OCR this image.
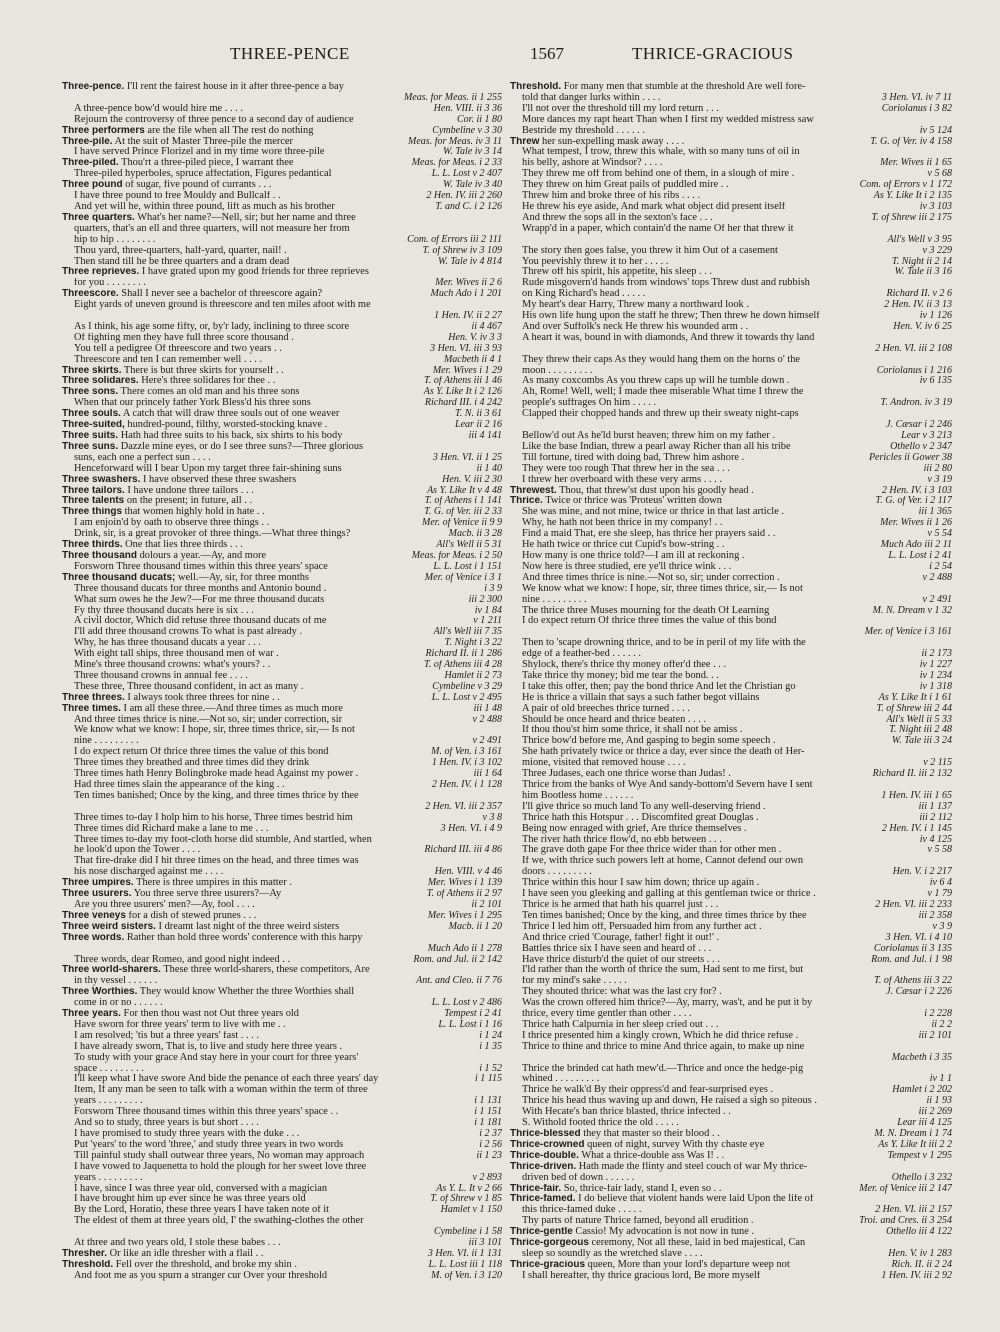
THREE-PENCE	1567	THRICE-GRACIOUS
Three-pence. I'll rent the fairest house in it after three-pence a bay
Meas. for Meas. ii 1 255
Hen. VIII. ii 3 36
A three-pence bow'd would hire me . . . .
Cor. ii 1 80
Rejourn the controversy of three pence to a second day of audience
Cymbeline v 3 30
Three performers are the file when all The rest do nothing
Meas. for Meas. iv 3 11
Three-pile. At the suit of Master Three-pile the mercer
W. Tale iv 3 14
I have served Prince Florizel and in my time wore three-pile
Meas. for Meas. i 2 33
Three-piled. Thou'rt a three-piled piece, I warrant thee
L. L. Lost v 2 407
Three-piled hyperboles, spruce affectation, Figures pedantical
W. Tale iv 3 40
Three pound of sugar, five pound of currants . . .
2 Hen. IV. iii 2 260
I have three pound to free Mouldy and Bullcalf . .
T. and C. i 2 126
And yet will he, within three pound, lift as much as his brother
Three quarters. What's her name?—Nell, sir; but her name and three
quarters, that's an ell and three quarters, will not measure her from
Com. of Errors iii 2 111
hip to hip . . . . . . . .
T. of Shrew iv 3 109
Thou yard, three-quarters, half-yard, quarter, nail! .
W. Tale iv 4 814
Then stand till he be three quarters and a dram dead
Three reprieves. I have grated upon my good friends for three reprieves
Mer. Wives ii 2 6
for you . . . . . . . .
Much Ado i 1 201
Threescore. Shall I never see a bachelor of threescore again?
Eight yards of uneven ground is threescore and ten miles afoot with me
1 Hen. IV. ii 2 27
ii 4 467
As I think, his age some fifty, or, by'r lady, inclining to three score
Hen. V. iv 3 3
Of fighting men they have full three score thousand .
3 Hen. VI. iii 3 93
You tell a pedigree Of threescore and two years . .
Macbeth ii 4 1
Threescore and ten I can remember well . . . .
Mer. Wives i 1 29
Three skirts. There is but three skirts for yourself . .
T. of Athens iii 1 46
Three solidares. Here's three solidares for thee . .
As Y. Like It i 2 126
Three sons. There comes an old man and his three sons
Richard III. i 4 242
When that our princely father York Bless'd his three sons
T. N. ii 3 61
Three souls. A catch that will draw three souls out of one weaver
Lear ii 2 16
Three-suited, hundred-pound, filthy, worsted-stocking knave .
iii 4 141
Three suits. Hath had three suits to his back, six shirts to his body
Three suns. Dazzle mine eyes, or do I see three suns?—Three glorious
3 Hen. VI. ii 1 25
suns, each one a perfect sun . . . .
ii 1 40
Henceforward will I bear Upon my target three fair-shining suns
Hen. V. iii 2 30
Three swashers. I have observed these three swashers
As Y. Like It v 4 48
Three tailors. I have undone three tailors . . .
T. of Athens i 1 141
Three talents on the present; in future, all . .
T. G. of Ver. iii 2 33
Three things that women highly hold in hate . .
Mer. of Venice ii 9 9
I am enjoin'd by oath to observe three things . .
Macb. ii 3 28
Drink, sir, is a great provoker of three things.—What three things?
All's Well ii 5 31
Three thirds. One that lies three thirds . . .
Meas. for Meas. i 2 50
Three thousand dolours a year.—Ay, and more
L. L. Lost i 1 151
Forsworn Three thousand times within this three years' space
Mer. of Venice i 3 1
Three thousand ducats; well.—Ay, sir, for three months
i 3 9
Three thousand ducats for three months and Antonio bound .
iii 2 300
What sum owes he the Jew?—For me three thousand ducats
iv 1 84
Fy thy three thousand ducats here is six . . .
v 1 211
A civil doctor, Which did refuse three thousand ducats of me
All's Well iii 7 35
I'll add three thousand crowns To what is past already .
T. Night i 3 22
Why, he has three thousand ducats a year . . .
Richard II. ii 1 286
With eight tall ships, three thousand men of war .
T. of Athens iii 4 28
Mine's three thousand crowns: what's yours? . .
Hamlet ii 2 73
Three thousand crowns in annual fee . . . .
Cymbeline v 3 29
These three, Three thousand confident, in act as many .
L. L. Lost v 2 495
Three threes. I always took three threes for nine . .
iii 1 48
Three times. I am all these three.—And three times as much more
v 2 488
And three times thrice is nine.—Not so, sir; under correction, sir
We know what we know: I hope, sir, three times thrice, sir,— Is not
v 2 491
nine . . . . . . . . .
M. of Ven. i 3 161
I do expect return Of thrice three times the value of this bond
1 Hen. IV. i 3 102
Three times they breathed and three times did they drink
iii 1 64
Three times hath Henry Bolingbroke made head Against my power .
2 Hen. IV. i 1 128
Had three times slain the appearance of the king . .
Ten times banished; Once by the king, and three times thrice by thee
2 Hen. VI. iii 2 357
v 3 8
Three times to-day I holp him to his horse, Three times bestrid him
3 Hen. VI. i 4 9
Three times did Richard make a lane to me . . .
Three times to-day my foot-cloth horse did stumble, And startled, when
Richard III. iii 4 86
he look'd upon the Tower . . . .
That fire-drake did I hit three times on the head, and three times was
Hen. VIII. v 4 46
his nose discharged against me . . . .
Mer. Wives i 1 139
Three umpires. There is three umpires in this matter .
T. of Athens ii 2 97
Three usurers. You three serve three usurers?—Ay
ii 2 101
Are you three usurers' men?—Ay, fool . . . .
Mer. Wives i 1 295
Three veneys for a dish of stewed prunes . . .
Macb. ii 1 20
Three weird sisters. I dreamt last night of the three weird sisters
Three words. Rather than hold three words' conference with this harpy
Much Ado ii 1 278
Rom. and Jul. ii 2 142
Three words, dear Romeo, and good night indeed . .
Three world-sharers. These three world-sharers, these competitors, Are
Ant. and Cleo. ii 7 76
in thy vessel . . . . . .
Three Worthies. They would know Whether the three Worthies shall
L. L. Lost v 2 486
come in or no . . . . . .
Tempest i 2 41
Three years. For then thou wast not Out three years old
L. L. Lost i 1 16
Have sworn for three years' term to live with me . .
i 1 24
I am resolved; 'tis but a three years' fast . . . .
i 1 35
I have already sworn, That is, to live and study here three years .
To study with your grace And stay here in your court for three years'
i 1 52
space . . . . . . . . .
i 1 115
I'll keep what I have swore And bide the penance of each three years' day
Item, If any man be seen to talk with a woman within the term of three
i 1 131
years . . . . . . . . .
i 1 151
Forsworn Three thousand times within this three years' space . .
i 1 181
And so to study, three years is but short . . . .
i 2 37
I have promised to study three years with the duke . . .
i 2 56
Put 'years' to the word 'three,' and study three years in two words
ii 1 23
Till painful study shall outwear three years, No woman may approach
I have vowed to Jaquenetta to hold the plough for her sweet love three
v 2 893
years . . . . . . . . .
As Y. L. It v 2 66
I have, since I was three year old, conversed with a magician
T. of Shrew v 1 85
I have brought him up ever since he was three years old
Hamlet v 1 150
By the Lord, Horatio, these three years I have taken note of it
The eldest of them at three years old, I' the swathing-clothes the other
Cymbeline i 1 58
iii 3 101
At three and two years old, I stole these babes . . .
3 Hen. VI. ii 1 131
Thresher. Or like an idle thresher with a flail . .
L. L. Lost iii 1 118
Threshold. Fell over the threshold, and broke my shin .
M. of Ven. i 3 120
And foot me as you spurn a stranger cur Over your threshold
Threshold. For many men that stumble at the threshold Are well fore-
3 Hen. VI. iv 7 11
told that danger lurks within . . . .
Coriolanus i 3 82
I'll not over the threshold till my lord return . . .
More dances my rapt heart Than when I first my wedded mistress saw
iv 5 124
Bestride my threshold . . . . . .
T. G. of Ver. iv 4 158
Threw her sun-expelling mask away . . . .
What tempest, I trow, threw this whale, with so many tuns of oil in
Mer. Wives ii 1 65
his belly, ashore at Windsor? . . . .
v 5 68
They threw me off from behind one of them, in a slough of mire .
Com. of Errors v 1 172
They threw on him Great pails of puddled mire . .
As Y. Like It i 2 135
Threw him and broke three of his ribs . . . .
iv 3 103
He threw his eye aside, And mark what object did present itself
T. of Shrew iii 2 175
And threw the sops all in the sexton's face . . .
Wrapp'd in a paper, which contain'd the name Of her that threw it
All's Well v 3 95
v 3 229
The story then goes false, you threw it him Out of a casement
T. Night ii 2 14
You peevishly threw it to her . . . . .
W. Tale ii 3 16
Threw off his spirit, his appetite, his sleep . . .
Rude misgovern'd hands from windows' tops Threw dust and rubbish
Richard II. v 2 6
on King Richard's head . . . . .
2 Hen. IV. ii 3 13
My heart's dear Harry, Threw many a northward look .
iv 1 126
His own life hung upon the staff he threw; Then threw he down himself
Hen. V. iv 6 25
And over Suffolk's neck He threw his wounded arm . .
A heart it was, bound in with diamonds, And threw it towards thy land
2 Hen. VI. iii 2 108
They threw their caps As they would hang them on the horns o' the
Coriolanus i 1 216
moon . . . . . . . . .
iv 6 135
As many coxcombs As you threw caps up will he tumble down .
Ah, Rome! Well, well; I made thee miserable What time I threw the
T. Andron. iv 3 19
people's suffrages On him . . . . .
Clapped their chopped hands and threw up their sweaty night-caps
J. Cæsar i 2 246
Lear v 3 213
Bellow'd out As he'ld burst heaven; threw him on my father .
Othello v 2 347
Like the base Indian, threw a pearl away Richer than all his tribe
Pericles ii Gower 38
Till fortune, tired with doing bad, Threw him ashore .
iii 2 80
They were too rough That threw her in the sea . . .
v 3 19
I threw her overboard with these very arms . . . .
2 Hen. IV. i 3 103
Threwest. Thou, that threw'st dust upon his goodly head .
T. G. of Ver. i 2 117
Thrice. Twice or thrice was 'Proteus' written down
iii 1 365
She was mine, and not mine, twice or thrice in that last article .
Mer. Wives ii 1 26
Why, he hath not been thrice in my company! . .
v 5 54
Find a maid That, ere she sleep, has thrice her prayers said . .
Much Ado iii 2 11
He hath twice or thrice cut Cupid's bow-string . .
L. L. Lost i 2 41
How many is one thrice told?—I am ill at reckoning .
i 2 54
Now here is three studied, ere ye'll thrice wink . . .
v 2 488
And three times thrice is nine.—Not so, sir; under correction .
We know what we know: I hope, sir, three times thrice, sir,— Is not
v 2 491
nine . . . . . . . . .
M. N. Dream v 1 32
The thrice three Muses mourning for the death Of Learning
I do expect return Of thrice three times the value of this bond
Mer. of Venice i 3 161
Then to 'scape drowning thrice, and to be in peril of my life with the
ii 2 173
edge of a feather-bed . . . . . .
iv 1 227
Shylock, there's thrice thy money offer'd thee . . .
iv 1 234
Take thrice thy money; bid me tear the bond. . .
iv 1 318
I take this offer, then; pay the bond thrice And let the Christian go
As Y. Like It i 1 61
He is thrice a villain that says a such father begot villains
T. of Shrew iii 2 44
A pair of old breeches thrice turned . . . .
All's Well ii 5 33
Should be once heard and thrice beaten . . . .
T. Night iii 2 48
If thou thou'st him some thrice, it shall not be amiss .
W. Tale iii 3 24
Thrice bow'd before me, And gasping to begin some speech .
She hath privately twice or thrice a day, ever since the death of Her-
v 2 115
mione, visited that removed house . . . .
Richard II. iii 2 132
Three Judases, each one thrice worse than Judas! .
Thrice from the banks of Wye And sandy-bottom'd Severn have I sent
1 Hen. IV. iii 1 65
him Bootless home . . . . . .
iii 1 137
I'll give thrice so much land To any well-deserving friend .
iii 2 112
Thrice hath this Hotspur . . . Discomfited great Douglas .
2 Hen. IV. i 1 145
Being now enraged with grief, Are thrice themselves .
iv 4 125
The river hath thrice flow'd, no ebb between . . .
v 5 58
The grave doth gape For thee thrice wider than for other men .
If we, with thrice such powers left at home, Cannot defend our own
Hen. V. i 2 217
doors . . . . . . . . .
iv 6 4
Thrice within this hour I saw him down; thrice up again .
v 1 79
I have seen you gleeking and galling at this gentleman twice or thrice .
2 Hen. VI. iii 2 233
Thrice is he armed that hath his quarrel just . . .
iii 2 358
Ten times banished; Once by the king, and three times thrice by thee
v 3 9
Thrice I led him off, Persuaded him from any further act .
3 Hen. VI. i 4 10
And thrice cried 'Courage, father! fight it out!' .
Coriolanus ii 3 135
Battles thrice six I have seen and heard of . . .
Rom. and Jul. i 1 98
Have thrice disturb'd the quiet of our streets . . .
I'ld rather than the worth of thrice the sum, Had sent to me first, but
T. of Athens iii 3 22
for my mind's sake . . . . .
J. Cæsar i 2 226
They shouted thrice: what was the last cry for? .
Was the crown offered him thrice?—Ay, marry, was't, and he put it by
i 2 228
thrice, every time gentler than other . . . .
ii 2 2
Thrice hath Calpurnia in her sleep cried out . . .
iii 2 101
I thrice presented him a kingly crown, Which he did thrice refuse .
Thrice to thine and thrice to mine And thrice again, to make up nine
Macbeth i 3 35
Thrice the brinded cat hath mew'd.—Thrice and once the hedge-pig
iv 1 1
whined . . . . . . . . .
Hamlet i 2 202
Thrice he walk'd By their oppress'd and fear-surprised eyes .
ii 1 93
Thrice his head thus waving up and down, He raised a sigh so piteous .
iii 2 269
With Hecate's ban thrice blasted, thrice infected . .
Lear iii 4 125
S. Withold footed thrice the old . . . . .
M. N. Dream i 1 74
Thrice-blessed they that master so their blood . .
As Y. Like It iii 2 2
Thrice-crowned queen of night, survey With thy chaste eye
Tempest v 1 295
Thrice-double. What a thrice-double ass Was I! . .
Thrice-driven. Hath made the flinty and steel couch of war My thrice-
Othello i 3 232
driven bed of down . . . . . .
Mer. of Venice iii 2 147
Thrice-fair. So, thrice-fair lady, stand I, even so . .
Thrice-famed. I do believe that violent hands were laid Upon the life of
2 Hen. VI. iii 2 157
this thrice-famed duke . . . . .
Troi. and Cres. ii 3 254
Thy parts of nature Thrice famed, beyond all erudition .
Othello iii 4 122
Thrice-gentle Cassio! My advocation is not now in tune .
Thrice-gorgeous ceremony, Not all these, laid in bed majestical, Can
Hen. V. iv 1 283
sleep so soundly as the wretched slave . . . .
Rich. II. ii 2 24
Thrice-gracious queen, More than your lord's departure weep not
1 Hen. IV. iii 2 92
I shall hereafter, thy thrice gracious lord, Be more myself
